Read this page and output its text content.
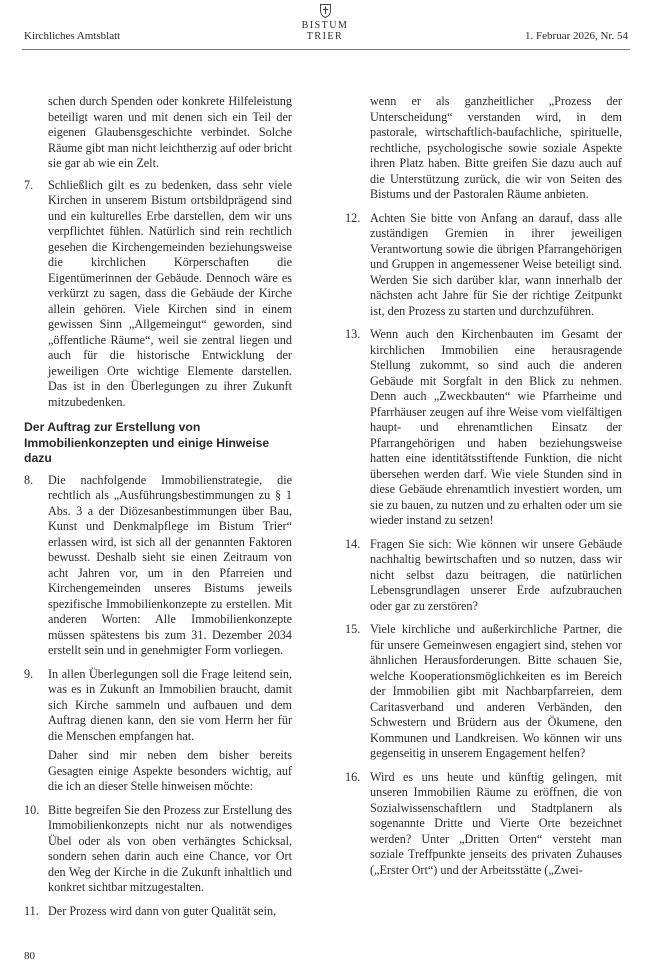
Kirchliches Amtsblatt
BISTUM
TRIER	1. Februar 2026, Nr. 54

schen durch Spenden oder konkrete Hilfeleistung beteiligt waren und mit denen sich ein Teil der eigenen Glaubensgeschichte verbindet. Solche Räume gibt man nicht leichtherzig auf oder bricht sie gar ab wie ein Zelt.

7.	Schließlich gilt es zu bedenken, dass sehr viele Kirchen in unserem Bistum ortsbildprägend sind und ein kulturelles Erbe darstellen, dem wir uns verpflichtet fühlen. Natürlich sind rein rechtlich gesehen die Kirchengemeinden beziehungsweise die kirchlichen Körperschaften die Eigentümerinnen der Gebäude. Dennoch wäre es verkürzt zu sagen, dass die Gebäude der Kirche allein gehören. Viele Kirchen sind in einem gewissen Sinn „Allgemeingut“ geworden, sind „öffentliche Räume“, weil sie zentral liegen und auch für die historische Entwicklung der jeweiligen Orte wichtige Elemente darstellen. Das ist in den Überlegungen zu ihrer Zukunft mitzubedenken.
Der Auftrag zur Erstellung von Immobilienkonzepten und einige Hinweise dazu
8.	Die nachfolgende Immobilienstrategie, die rechtlich als „Ausführungsbestimmungen zu § 1 Abs. 3 a der Diözesanbestimmungen über Bau, Kunst und Denkmalpflege im Bistum Trier“ erlassen wird, ist sich all der genannten Faktoren bewusst. Deshalb sieht sie einen Zeitraum von acht Jahren vor, um in den Pfarreien und Kirchengemeinden unseres Bistums jeweils spezifische Immobilienkonzepte zu erstellen. Mit anderen Worten: Alle Immobilienkonzepte müssen spätestens bis zum 31. Dezember 2034 erstellt sein und in genehmigter Form vorliegen.
9.	In allen Überlegungen soll die Frage leitend sein, was es in Zukunft an Immobilien braucht, damit sich Kirche sammeln und aufbauen und dem Auftrag dienen kann, den sie vom Herrn her für die Menschen empfangen hat.

Daher sind mir neben dem bisher bereits Gesagten einige Aspekte besonders wichtig, auf die ich an dieser Stelle hinweisen möchte:

10. Bitte begreifen Sie den Prozess zur Erstellung des Immobilienkonzepts nicht nur als notwendiges Übel oder als von oben verhängtes Schicksal, sondern sehen darin auch eine Chance, vor Ort den Weg der Kirche in die Zukunft inhaltlich und konkret sichtbar mitzugestalten.
11. Der Prozess wird dann von guter Qualität sein,

wenn er als ganzheitlicher „Prozess der Unterscheidung“ verstanden wird, in dem pastorale, wirtschaftlich-baufachliche, spirituelle, rechtliche, psychologische sowie soziale Aspekte ihren Platz haben. Bitte greifen Sie dazu auch auf die Unterstützung zurück, die wir von Seiten des Bistums und der Pastoralen Räume anbieten.

12. Achten Sie bitte von Anfang an darauf, dass alle zuständigen Gremien in ihrer jeweiligen Verantwortung sowie die übrigen Pfarrangehörigen und Gruppen in angemessener Weise beteiligt sind. Werden Sie sich darüber klar, wann innerhalb der nächsten acht Jahre für Sie der richtige Zeitpunkt ist, den Prozess zu starten und durchzuführen.
13. Wenn auch den Kirchenbauten im Gesamt der kirchlichen Immobilien eine herausragende Stellung zukommt, so sind auch die anderen Gebäude mit Sorgfalt in den Blick zu nehmen. Denn auch „Zweckbauten“ wie Pfarrheime und Pfarrhäuser zeugen auf ihre Weise vom vielfältigen haupt- und ehrenamtlichen Einsatz der Pfarrangehörigen und haben beziehungsweise hatten eine identitätsstiftende Funktion, die nicht übersehen werden darf. Wie viele Stunden sind in diese Gebäude ehrenamtlich investiert worden, um sie zu bauen, zu nutzen und zu erhalten oder um sie wieder instand zu setzen!
14. Fragen Sie sich: Wie können wir unsere Gebäude nachhaltig bewirtschaften und so nutzen, dass wir nicht selbst dazu beitragen, die natürlichen Lebensgrundlagen unserer Erde aufzubrauchen oder gar zu zerstören?
15. Viele kirchliche und außerkirchliche Partner, die für unsere Gemeinwesen engagiert sind, stehen vor ähnlichen Herausforderungen. Bitte schauen Sie, welche Kooperationsmöglichkeiten es im Bereich der Immobilien gibt mit Nachbarpfarreien, dem Caritasverband und anderen Verbänden, den Schwestern und Brüdern aus der Ökumene, den Kommunen und Landkreisen. Wo können wir uns gegenseitig in unserem Engagement helfen?
16. Wird es uns heute und künftig gelingen, mit unseren Immobilien Räume zu eröffnen, die von Sozialwissenschaftlern und Stadtplanern als sogenannte Dritte und Vierte Orte bezeichnet werden? Unter „Dritten Orten“ versteht man soziale Treffpunkte jenseits des privaten Zuhauses („Erster Ort“) und der Arbeitsstätte („Zwei-
80
